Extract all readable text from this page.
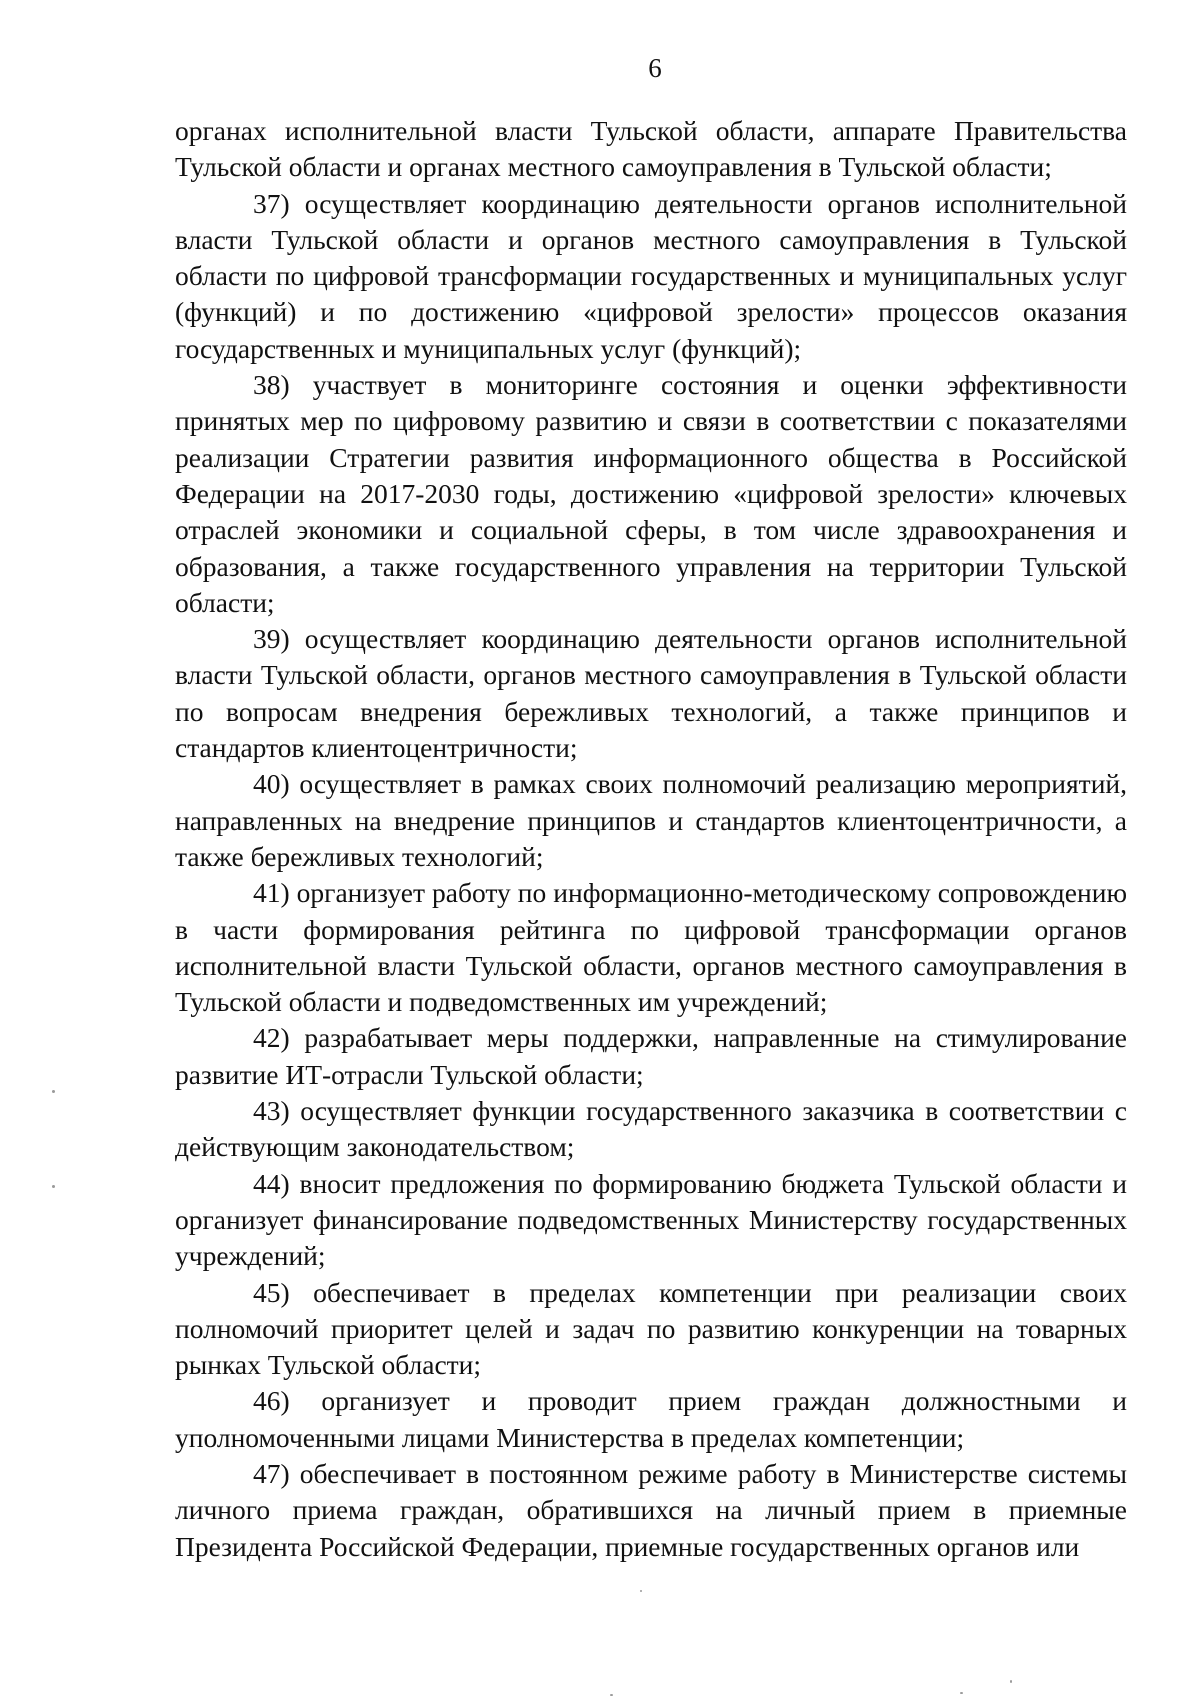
6

органах исполнительной власти Тульской области, аппарате Правительства Тульской области и органах местного самоуправления в Тульской области;

37) осуществляет координацию деятельности органов исполнительной власти Тульской области и органов местного самоуправления в Тульской области по цифровой трансформации государственных и муниципальных услуг (функций) и по достижению «цифровой зрелости» процессов оказания государственных и муниципальных услуг (функций);

38) участвует в мониторинге состояния и оценки эффективности принятых мер по цифровому развитию и связи в соответствии с показателями реализации Стратегии развития информационного общества в Российской Федерации на 2017-2030 годы, достижению «цифровой зрелости» ключевых отраслей экономики и социальной сферы, в том числе здравоохранения и образования, а также государственного управления на территории Тульской области;

39) осуществляет координацию деятельности органов исполнительной власти Тульской области, органов местного самоуправления в Тульской области по вопросам внедрения бережливых технологий, а также принципов и стандартов клиентоцентричности;

40) осуществляет в рамках своих полномочий реализацию мероприятий, направленных на внедрение принципов и стандартов клиентоцентричности, а также бережливых технологий;

41) организует работу по информационно-методическому сопровождению в части формирования рейтинга по цифровой трансформации органов исполнительной власти Тульской области, органов местного самоуправления в Тульской области и подведомственных им учреждений;

42) разрабатывает меры поддержки, направленные на стимулирование развитие ИТ-отрасли Тульской области;

43) осуществляет функции государственного заказчика в соответствии с действующим законодательством;

44) вносит предложения по формированию бюджета Тульской области и организует финансирование подведомственных Министерству государственных учреждений;

45) обеспечивает в пределах компетенции при реализации своих полномочий приоритет целей и задач по развитию конкуренции на товарных рынках Тульской области;

46) организует и проводит прием граждан должностными и уполномоченными лицами Министерства в пределах компетенции;

47) обеспечивает в постоянном режиме работу в Министерстве системы личного приема граждан, обратившихся на личный прием в приемные Президента Российской Федерации, приемные государственных органов или
